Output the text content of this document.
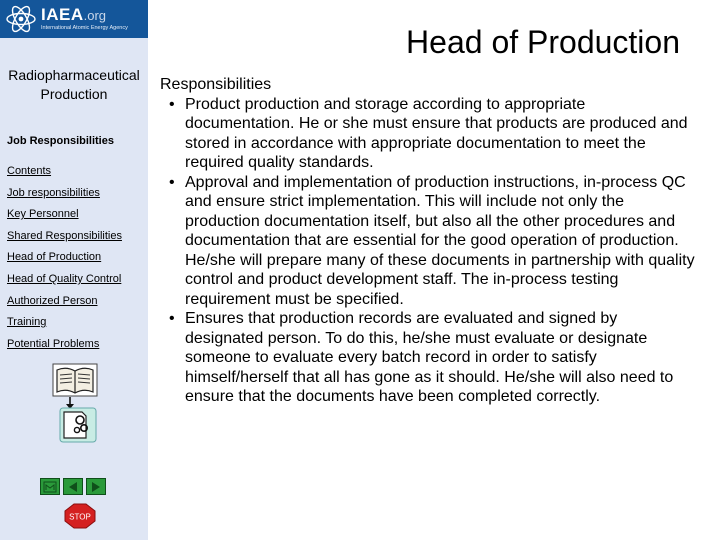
IAEA.org
International Atomic Energy Agency
Radiopharmaceutical Production
Job Responsibilities
Contents
Job responsibilities
Key Personnel
Shared Responsibilities
Head of Production
Head of Quality Control
Authorized Person
Training
Potential Problems
STOP
Head of Production
Responsibilities
• Product production and storage according to appropriate documentation. He or she must ensure that products are produced and stored in accordance with appropriate documentation to meet the required quality standards.
• Approval and implementation of production instructions, in-process QC and ensure strict implementation. This will include not only the production documentation itself, but also all the other procedures and documentation that are essential for the good operation of production. He/she will prepare many of these documents in partnership with quality control and product development staff. The in-process testing requirement must be specified.
• Ensures that production records are evaluated and signed by designated person. To do this, he/she must evaluate or designate someone to evaluate every batch record in order to satisfy himself/herself that all has gone as it should. He/she will also need to ensure that the documents have been completed correctly.
